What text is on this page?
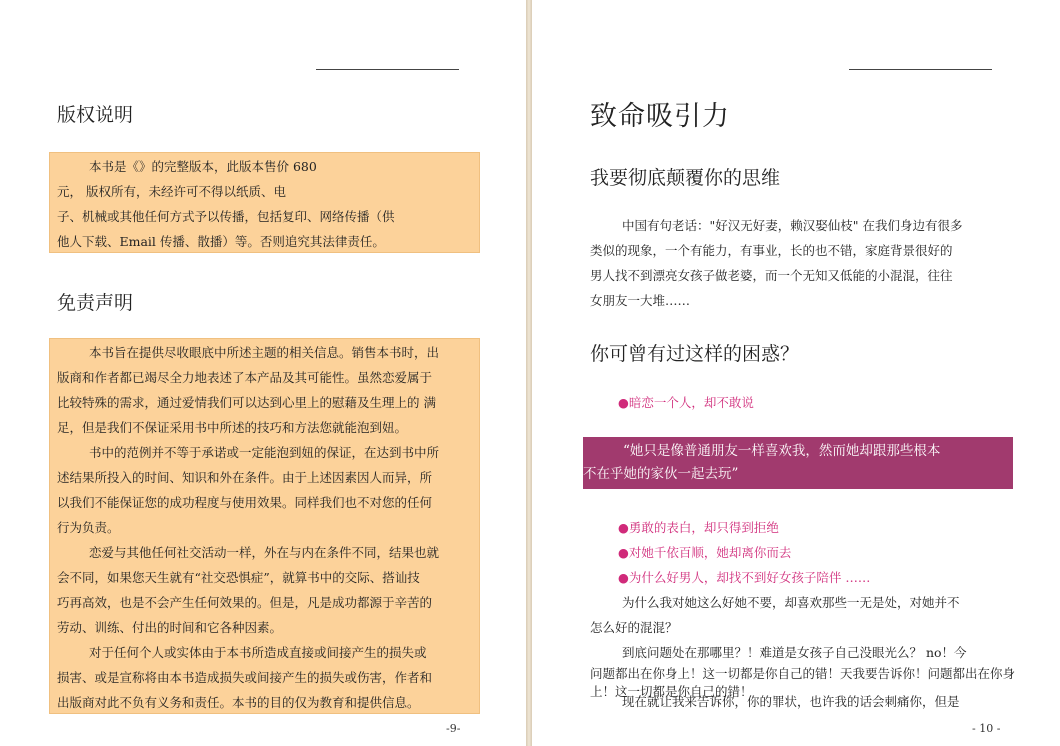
版权说明
本书是《》的完整版本，此版本售价 680
元， 版权所有，未经许可不得以纸质、电
子、机械或其他任何方式予以传播，包括复印、网络传播（供
他人下载、Email 传播、散播）等。否则追究其法律责任。
免责声明
本书旨在提供尽收眼底中所述主题的相关信息。销售本书时，出
版商和作者都已竭尽全力地表述了本产品及其可能性。虽然恋爱属于
比较特殊的需求，通过爱情我们可以达到心里上的慰藉及生理上的 满
足，但是我们不保证采用书中所述的技巧和方法您就能泡到妞。
书中的范例并不等于承诺或一定能泡到妞的保证，在达到书中所
述结果所投入的时间、知识和外在条件。由于上述因素因人而异，所
以我们不能保证您的成功程度与使用效果。同样我们也不对您的任何
行为负责。
恋爱与其他任何社交活动一样，外在与内在条件不同，结果也就
会不同，如果您天生就有“社交恐惧症”，就算书中的交际、搭讪技
巧再高效，也是不会产生任何效果的。但是，凡是成功都源于辛苦的
劳动、训练、付出的时间和它各种因素。
对于任何个人或实体由于本书所造成直接或间接产生的损失或
损害、或是宣称将由本书造成损失或间接产生的损失或伤害，作者和
出版商对此不负有义务和责任。本书的目的仅为教育和提供信息。
-9-
致命吸引力
我要彻底颠覆你的思维
中国有句老话："好汉无好妻，赖汉娶仙枝" 在我们身边有很多
类似的现象，一个有能力，有事业，长的也不错，家庭背景很好的
男人找不到漂亮女孩子做老婆，而一个无知又低能的小混混，往往
女朋友一大堆……
你可曾有过这样的困惑？
●暗恋一个人，却不敢说
“她只是像普通朋友一样喜欢我，然而她却跟那些根本
不在乎她的家伙一起去玩”
●勇敢的表白，却只得到拒绝
●对她千依百顺，她却离你而去
●为什么好男人，却找不到好女孩子陪伴 ……
为什么我对她这么好她不要，却喜欢那些一无是处，对她并不
怎么好的混混？
到底问题处在那哪里？！难道是女孩子自己没眼光么？ no！今
问题都出在你身上！这一切都是你自己的错！天我要告诉你！问题都出在你身
上！这一切都是你自己的错！
现在就让我来告诉你，你的罪状，也许我的话会刺痛你，但是
- 10 -
